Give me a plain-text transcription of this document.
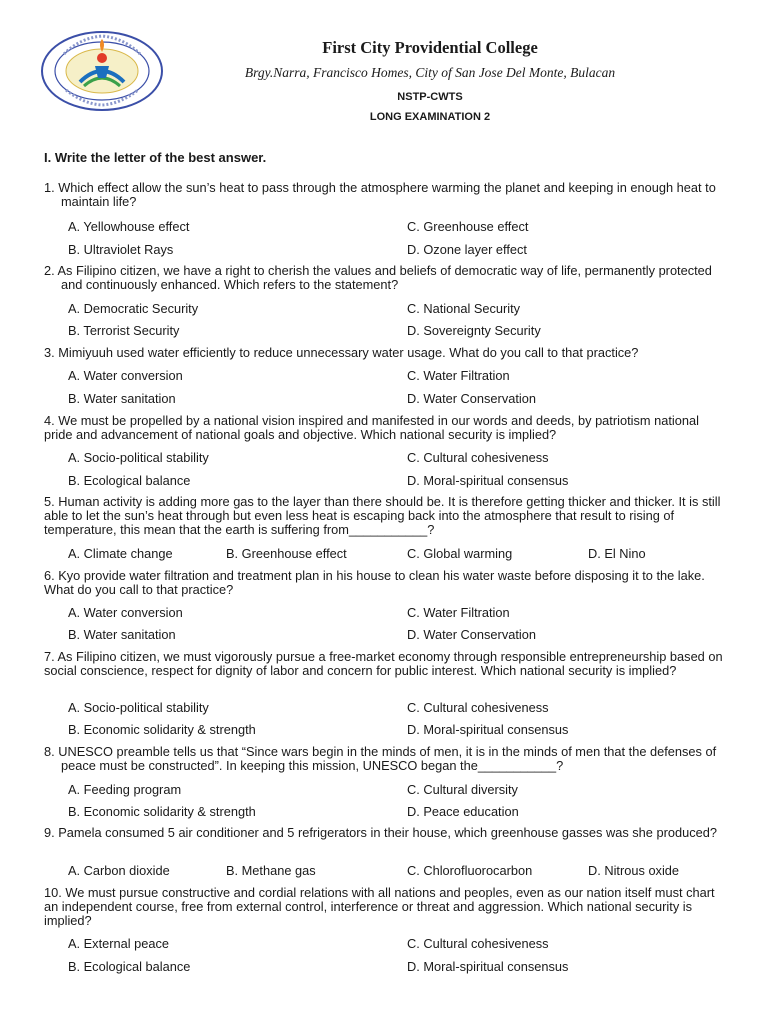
First City Providential College
Brgy.Narra, Francisco Homes, City of San Jose Del Monte, Bulacan
NSTP-CWTS
LONG EXAMINATION 2
I. Write the letter of the best answer.
1. Which effect allow the sun’s heat to pass through the atmosphere warming the planet and keeping in enough heat to maintain life?
A. Yellowhouse effect	C. Greenhouse effect
B. Ultraviolet Rays	D. Ozone layer effect
2. As Filipino citizen, we have a right to cherish the values and beliefs of democratic way of life, permanently protected and continuously enhanced. Which refers to the statement?
A. Democratic Security	C. National Security
B. Terrorist Security	D. Sovereignty Security
3. Mimiyuuh used water efficiently to reduce unnecessary water usage. What do you call to that practice?
A. Water conversion	C. Water Filtration
B. Water sanitation	D. Water Conservation
4. We must be propelled by a national vision inspired and manifested in our words and deeds, by patriotism national pride and advancement of national goals and objective. Which national security is implied?
A. Socio-political stability	C. Cultural cohesiveness
B. Ecological balance	D. Moral-spiritual consensus
5. Human activity is adding more gas to the layer than there should be. It is therefore getting thicker and thicker. It is still able to let the sun’s heat through but even less heat is escaping back into the atmosphere that result to rising of temperature, this mean that the earth is suffering from___________?
A. Climate change	B. Greenhouse effect	C. Global warming	D. El Nino
6. Kyo provide water filtration and treatment plan in his house to clean his water waste before disposing it to the lake. What do you call to that practice?
A. Water conversion	C. Water Filtration
B. Water sanitation	D. Water Conservation
7. As Filipino citizen, we must vigorously pursue a free-market economy through responsible entrepreneurship based on social conscience, respect for dignity of labor and concern for public interest. Which national security is implied?
A. Socio-political stability	C. Cultural cohesiveness
B. Economic solidarity & strength	D. Moral-spiritual consensus
8. UNESCO preamble tells us that “Since wars begin in the minds of men, it is in the minds of men that the defenses of peace must be constructed”. In keeping this mission, UNESCO began the___________?
A. Feeding program	C. Cultural diversity
B. Economic solidarity & strength	D. Peace education
9. Pamela consumed 5 air conditioner and 5 refrigerators in their house, which greenhouse gasses was she produced?
A. Carbon dioxide	B. Methane gas	C. Chlorofluorocarbon	D. Nitrous oxide
10. We must pursue constructive and cordial relations with all nations and peoples, even as our nation itself must chart an independent course, free from external control, interference or threat and aggression. Which national security is implied?
A. External peace	C. Cultural cohesiveness
B. Ecological balance	D. Moral-spiritual consensus
